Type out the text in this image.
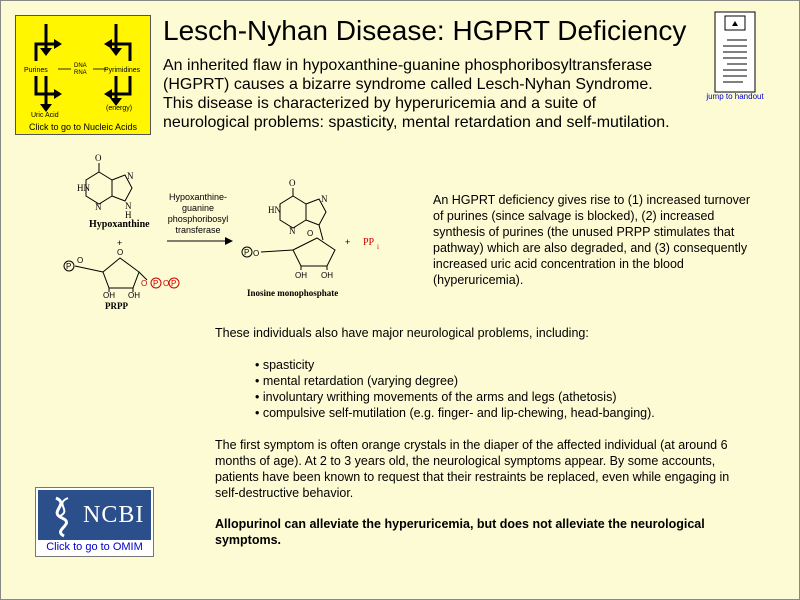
Purines
DNA
RNA Pyrimidines
Uric Acid
(energy)
Click to go to Nucleic Acids
Lesch-Nyhan Disease: HGPRT Deficiency
An inherited flaw in hypoxanthine-guanine phosphoribosyltransferase (HGPRT) causes a bizarre syndrome called Lesch-Nyhan Syndrome. This disease is characterized by hyperuricemia and a suite of neurological problems: spasticity, mental retardation and self-mutilation.
jump to handout
O
HN
N
N
H
N
Hypoxanthine
+
P
O
O
O P O P
OH OH
PRPP
Hypoxanthine-
guanine
phosphoribosyl
transferase
O
HN
N
N
P O
O
OH OH
Inosine monophosphate
+ PP i
An HGPRT deficiency gives rise to (1) increased turnover of purines (since salvage is blocked), (2) increased synthesis of purines (the unused PRPP stimulates that pathway) which are also degraded, and (3) consequently increased uric acid concentration in the blood (hyperuricemia).
These individuals also have major neurological problems, including:
• spasticity
• mental retardation (varying degree)
• involuntary writhing movements of the arms and legs (athetosis)
• compulsive self-mutilation (e.g. finger- and lip-chewing, head-banging).
The first symptom is often orange crystals in the diaper of the affected individual (at around 6 months of age). At 2 to 3 years old, the neurological symptoms appear. By some accounts, patients have been known to request that their restraints be replaced, even while engaging in self-destructive behavior.
Allopurinol can alleviate the hyperuricemia, but does not alleviate the neurological symptoms.
NCBI
Click to go to OMIM
